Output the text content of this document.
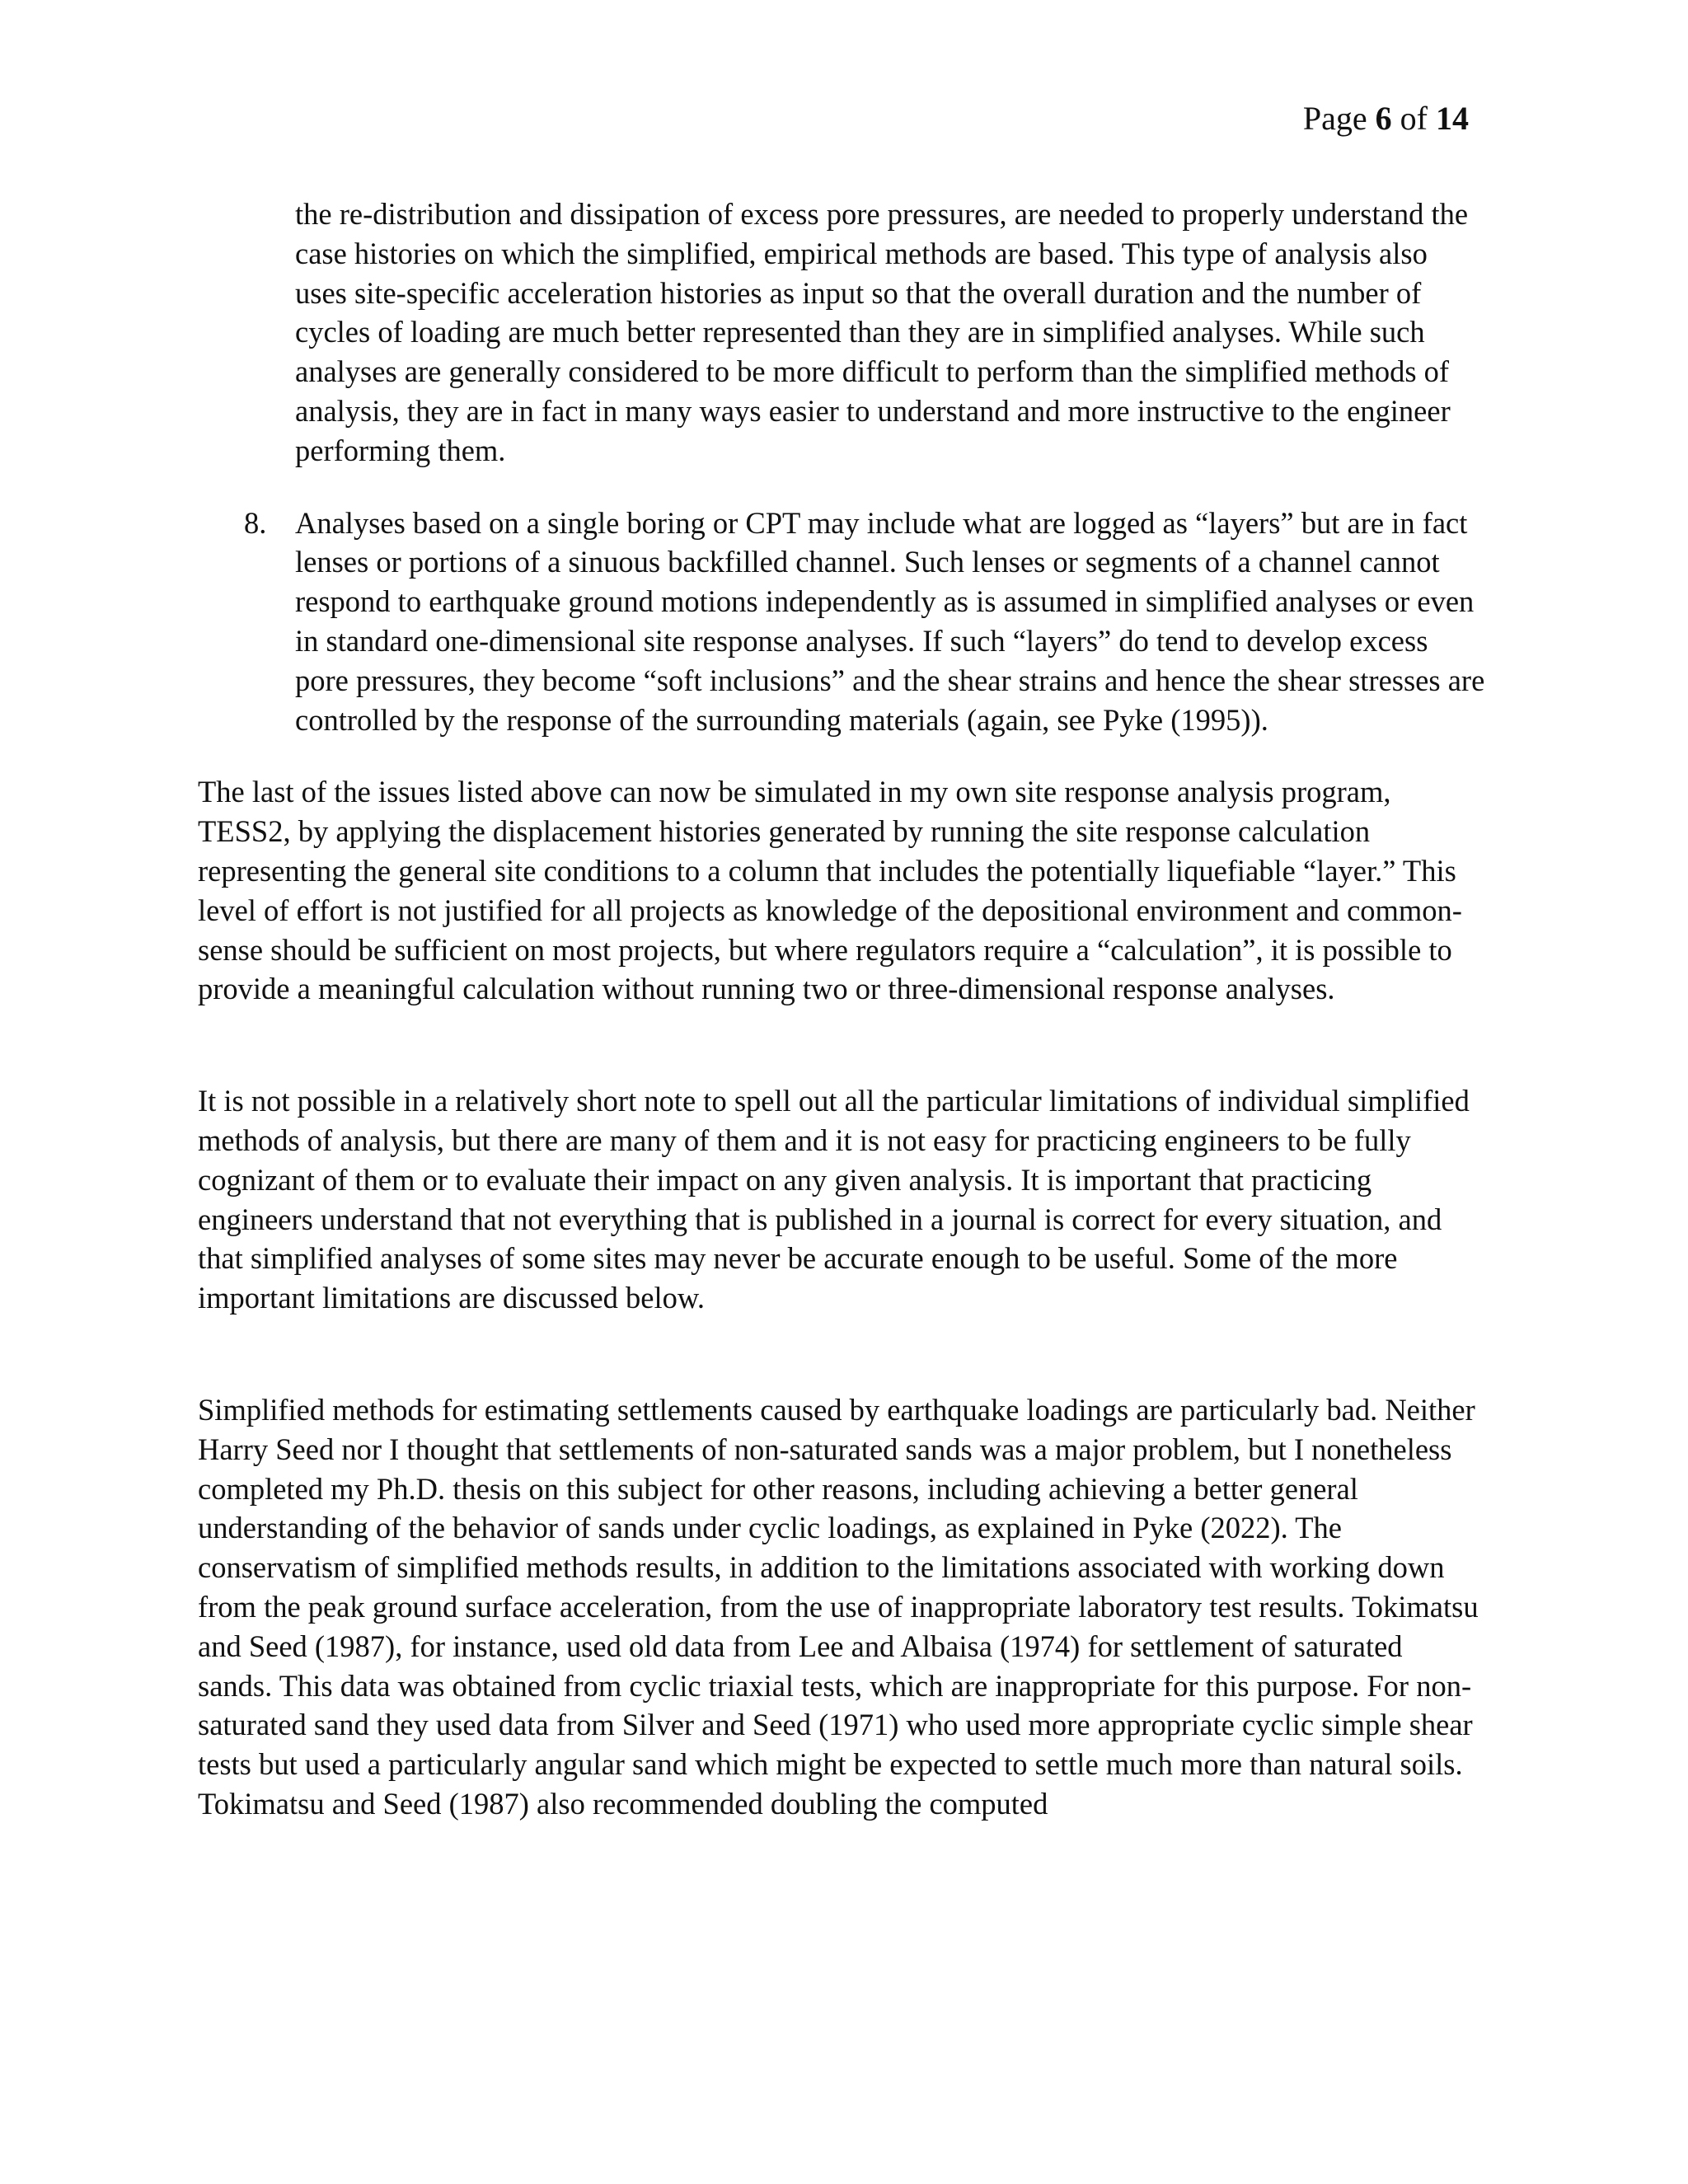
Page 6 of 14

the re-distribution and dissipation of excess pore pressures, are needed to properly understand the case histories on which the simplified, empirical methods are based. This type of analysis also uses site-specific acceleration histories as input so that the overall duration and the number of cycles of loading are much better represented than they are in simplified analyses. While such analyses are generally considered to be more difficult to perform than the simplified methods of analysis, they are in fact in many ways easier to understand and more instructive to the engineer performing them.

8. Analyses based on a single boring or CPT may include what are logged as “layers” but are in fact lenses or portions of a sinuous backfilled channel. Such lenses or segments of a channel cannot respond to earthquake ground motions independently as is assumed in simplified analyses or even in standard one-dimensional site response analyses. If such “layers” do tend to develop excess pore pressures, they become “soft inclusions” and the shear strains and hence the shear stresses are controlled by the response of the surrounding materials (again, see Pyke (1995)).

The last of the issues listed above can now be simulated in my own site response analysis program, TESS2, by applying the displacement histories generated by running the site response calculation representing the general site conditions to a column that includes the potentially liquefiable “layer.” This level of effort is not justified for all projects as knowledge of the depositional environment and common-sense should be sufficient on most projects, but where regulators require a “calculation”, it is possible to provide a meaningful calculation without running two or three-dimensional response analyses.

It is not possible in a relatively short note to spell out all the particular limitations of individual simplified methods of analysis, but there are many of them and it is not easy for practicing engineers to be fully cognizant of them or to evaluate their impact on any given analysis. It is important that practicing engineers understand that not everything that is published in a journal is correct for every situation, and that simplified analyses of some sites may never be accurate enough to be useful. Some of the more important limitations are discussed below.

Simplified methods for estimating settlements caused by earthquake loadings are particularly bad. Neither Harry Seed nor I thought that settlements of non-saturated sands was a major problem, but I nonetheless completed my Ph.D. thesis on this subject for other reasons, including achieving a better general understanding of the behavior of sands under cyclic loadings, as explained in Pyke (2022). The conservatism of simplified methods results, in addition to the limitations associated with working down from the peak ground surface acceleration, from the use of inappropriate laboratory test results. Tokimatsu and Seed (1987), for instance, used old data from Lee and Albaisa (1974) for settlement of saturated sands. This data was obtained from cyclic triaxial tests, which are inappropriate for this purpose. For non-saturated sand they used data from Silver and Seed (1971) who used more appropriate cyclic simple shear tests but used a particularly angular sand which might be expected to settle much more than natural soils. Tokimatsu and Seed (1987) also recommended doubling the computed
